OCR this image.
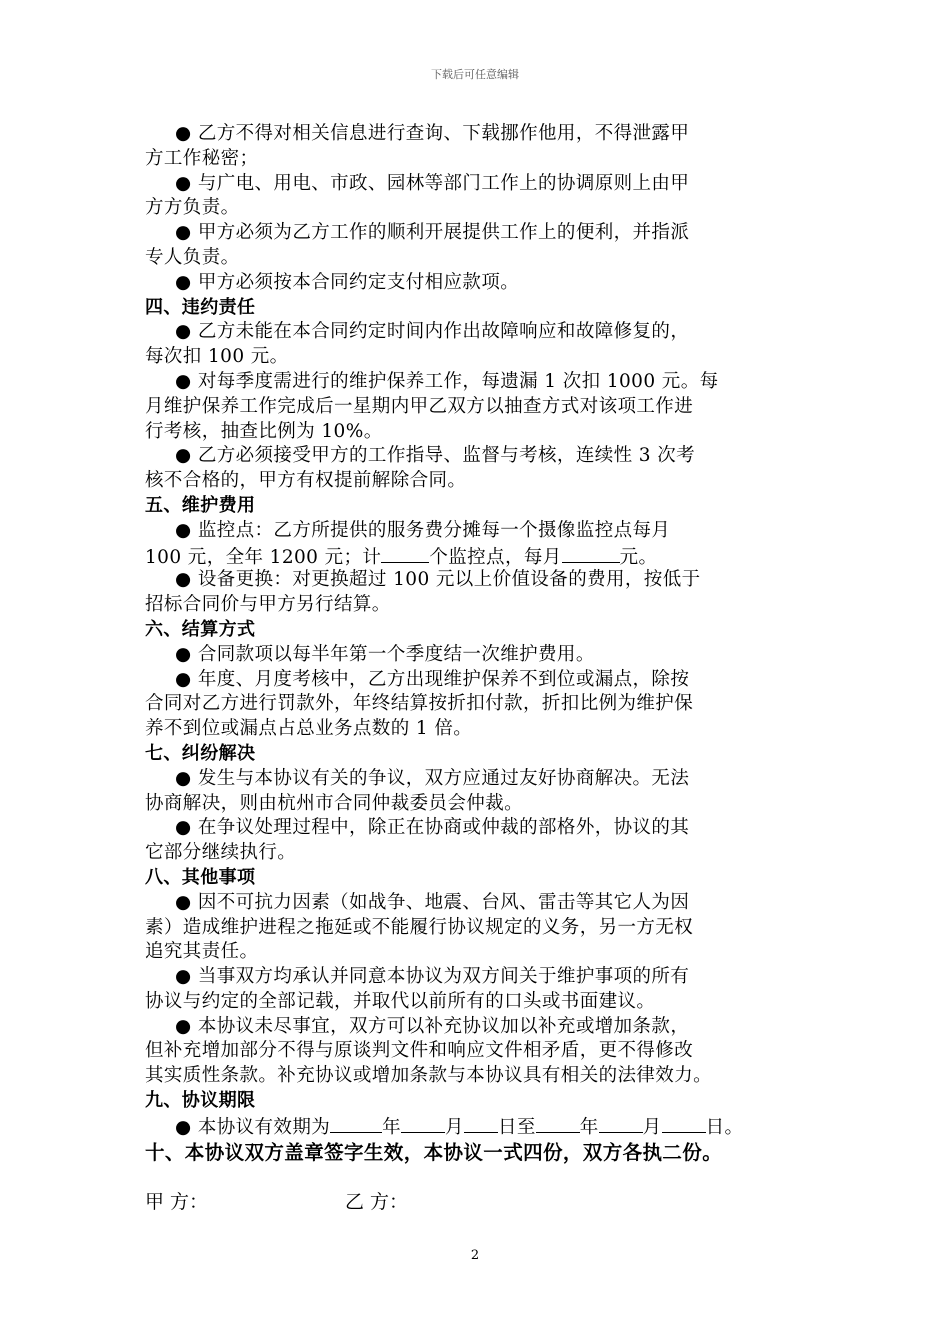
下载后可任意编辑
● 乙方不得对相关信息进行查询、下载挪作他用，不得泄露甲
方工作秘密；
● 与广电、用电、市政、园林等部门工作上的协调原则上由甲
方方负责。
● 甲方必须为乙方工作的顺利开展提供工作上的便利，并指派
专人负责。
● 甲方必须按本合同约定支付相应款项。
四、违约责任
● 乙方未能在本合同约定时间内作出故障响应和故障修复的，
每次扣 100 元。
● 对每季度需进行的维护保养工作，每遗漏 1 次扣 1000 元。每
月维护保养工作完成后一星期内甲乙双方以抽查方式对该项工作进
行考核，抽查比例为 10%。
● 乙方必须接受甲方的工作指导、监督与考核，连续性 3 次考
核不合格的，甲方有权提前解除合同。
五、维护费用
● 监控点：乙方所提供的服务费分摊每一个摄像监控点每月
100 元，全年 1200 元；计	个监控点，每月	元。
● 设备更换：对更换超过 100 元以上价值设备的费用，按低于
招标合同价与甲方另行结算。
六、结算方式
● 合同款项以每半年第一个季度结一次维护费用。
● 年度、月度考核中，乙方出现维护保养不到位或漏点，除按
合同对乙方进行罚款外，年终结算按折扣付款，折扣比例为维护保
养不到位或漏点占总业务点数的 1 倍。
七、纠纷解决
● 发生与本协议有关的争议，双方应通过友好协商解决。无法
协商解决，则由杭州市合同仲裁委员会仲裁。
● 在争议处理过程中，除正在协商或仲裁的部格外，协议的其
它部分继续执行。
八、其他事项
● 因不可抗力因素（如战争、地震、台风、雷击等其它人为因
素）造成维护进程之拖延或不能履行协议规定的义务，另一方无权
追究其责任。
● 当事双方均承认并同意本协议为双方间关于维护事项的所有
协议与约定的全部记载，并取代以前所有的口头或书面建议。
● 本协议未尽事宜，双方可以补充协议加以补充或增加条款，
但补充增加部分不得与原谈判文件和响应文件相矛盾，更不得修改
其实质性条款。补充协议或增加条款与本协议具有相关的法律效力。
九、协议期限
● 本协议有效期为	年 月 日至 年 月 日。
十、本协议双方盖章签字生效，本协议一式四份，双方各执二份。
甲 方：	乙 方：
2
